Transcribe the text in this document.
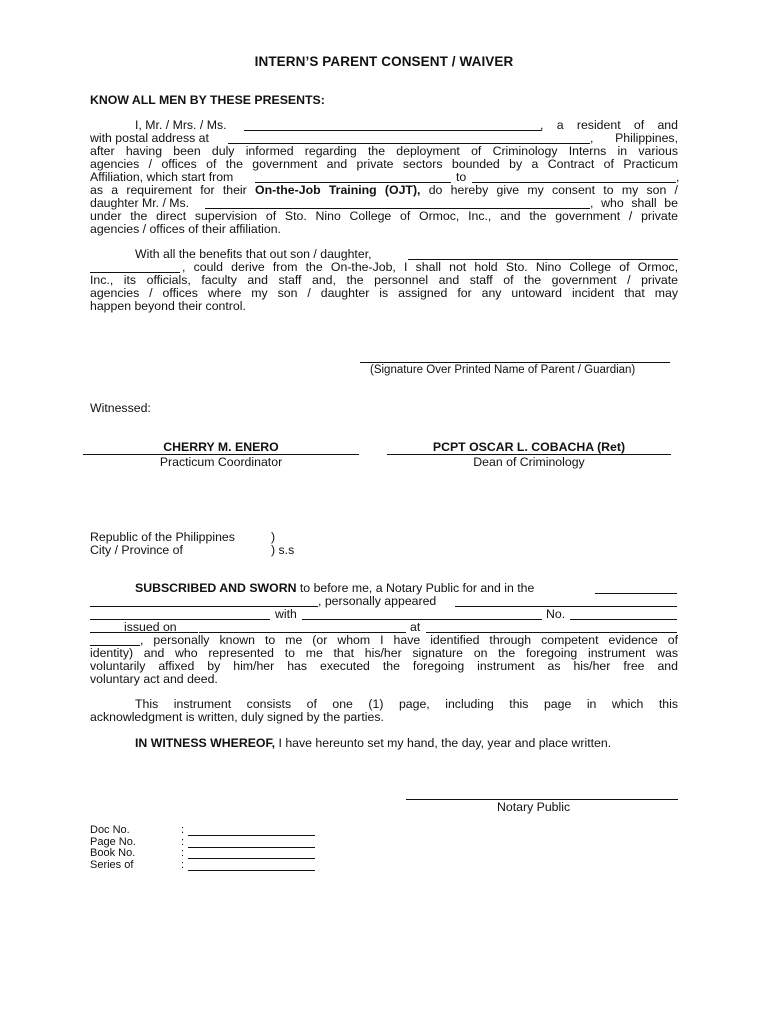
INTERN’S PARENT CONSENT / WAIVER
KNOW ALL MEN BY THESE PRESENTS:
I, Mr. / Mrs. / Ms.	, a resident of and
with postal address at	, Philippines,
after having been duly informed regarding the deployment of Criminology Interns in various
agencies / offices of the government and private sectors bounded by a Contract of Practicum
Affiliation, which start from	to	,
as a requirement for their On-the-Job Training (OJT), do hereby give my consent to my son /
daughter Mr. / Ms.	, who shall be
under the direct supervision of Sto. Nino College of Ormoc, Inc., and the government / private
agencies / offices of their affiliation.
With all the benefits that out son / daughter,
, could derive from the On-the-Job, I shall not hold Sto. Nino College of Ormoc,
Inc., its officials, faculty and staff and, the personnel and staff of the government / private
agencies / offices where my son / daughter is assigned for any untoward incident that may
happen beyond their control.
(Signature Over Printed Name of Parent / Guardian)
Witnessed:
CHERRY M. ENERO
Practicum Coordinator
PCPT OSCAR L. COBACHA (Ret)
Dean of Criminology
Republic of the Philippines	)
City / Province of	) s.s
SUBSCRIBED AND SWORN to before me, a Notary Public for and in the
, personally appeared
with	No.
issued on	at
, personally known to me (or whom I have identified through competent evidence of
identity) and who represented to me that his/her signature on the foregoing instrument was
voluntarily affixed by him/her has executed the foregoing instrument as his/her free and
voluntary act and deed.
This instrument consists of one (1) page, including this page in which this
acknowledgment is written, duly signed by the parties.
IN WITNESS WHEREOF, I have hereunto set my hand, the day, year and place written.
Notary Public
Doc No.	:
Page No.	:
Book No.	:
Series of	:
